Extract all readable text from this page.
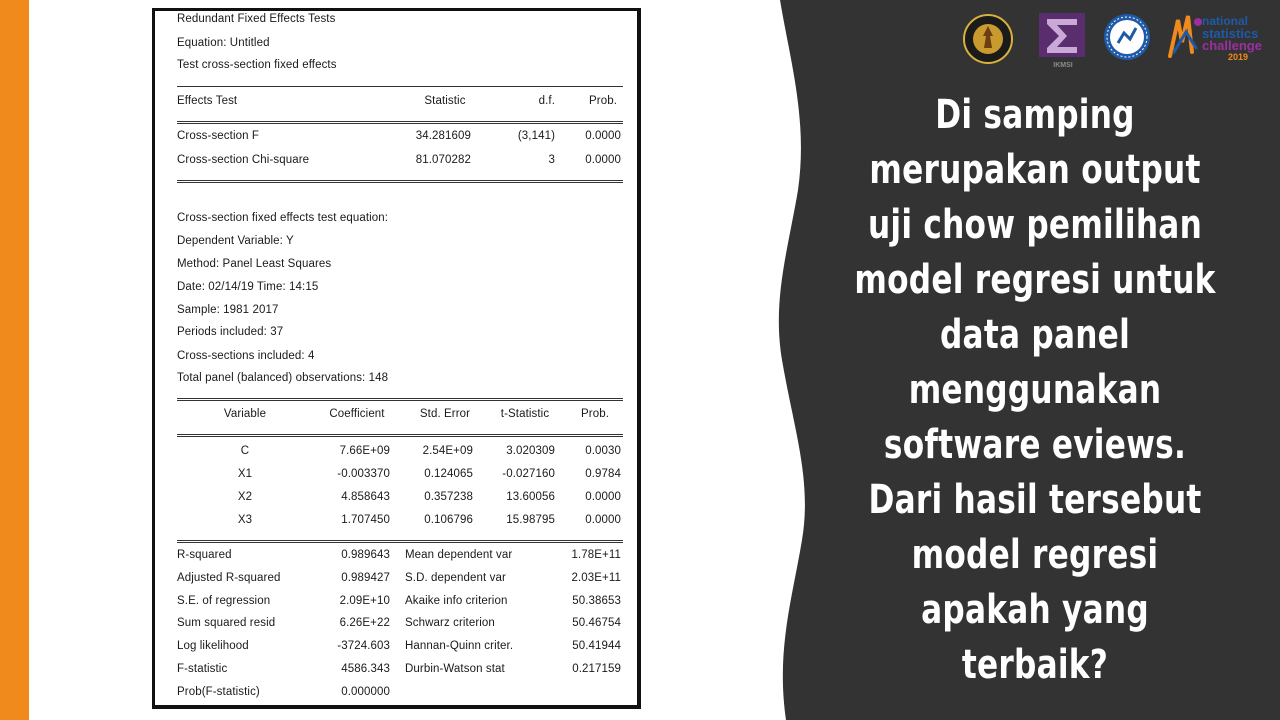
Redundant Fixed Effects Tests
Equation: Untitled
Test cross-section fixed effects
Effects Test	Statistic	d.f.	Prob.
Cross-section F	34.281609	(3,141)	0.0000
Cross-section Chi-square	81.070282	3	0.0000
Cross-section fixed effects test equation:
Dependent Variable: Y
Method: Panel Least Squares
Date: 02/14/19 Time: 14:15
Sample: 1981 2017
Periods included: 37
Cross-sections included: 4
Total panel (balanced) observations: 148
Variable	Coefficient	Std. Error	t-Statistic	Prob.
C	7.66E+09	2.54E+09	3.020309	0.0030
X1	-0.003370	0.124065	-0.027160	0.9784
X2	4.858643	0.357238	13.60056	0.0000
X3	1.707450	0.106796	15.98795	0.0000
R-squared	0.989643 Mean dependent var	1.78E+11
Adjusted R-squared	0.989427 S.D. dependent var	2.03E+11
S.E. of regression	2.09E+10 Akaike info criterion	50.38653
Sum squared resid	6.26E+22 Schwarz criterion	50.46754
Log likelihood	-3724.603 Hannan-Quinn criter.	50.41944
F-statistic	4586.343 Durbin-Watson stat	0.217159
Prob(F-statistic)	0.000000
IKMSI
national
statistics
challenge
2019
Di samping merupakan output uji chow pemilihan model regresi untuk data panel menggunakan software eviews. Dari hasil tersebut model regresi apakah yang terbaik?
